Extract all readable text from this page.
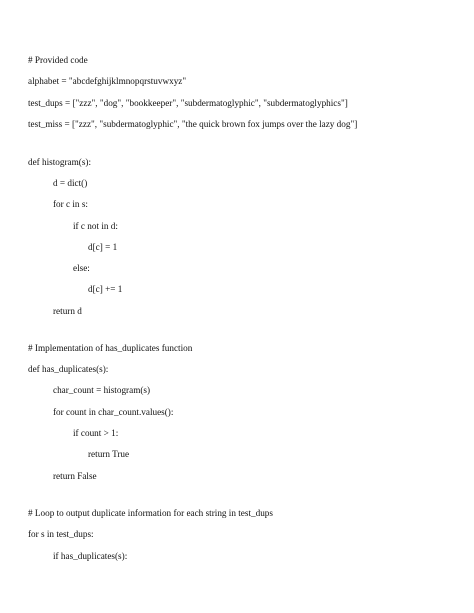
# Provided code
alphabet = "abcdefghijklmnopqrstuvwxyz"
test_dups = ["zzz", "dog", "bookkeeper", "subdermatoglyphic", "subdermatoglyphics"]
test_miss = ["zzz", "subdermatoglyphic", "the quick brown fox jumps over the lazy dog"]
def histogram(s):
d = dict()
for c in s:
if c not in d:
d[c] = 1
else:
d[c] += 1
return d
# Implementation of has_duplicates function
def has_duplicates(s):
char_count = histogram(s)
for count in char_count.values():
if count > 1:
return True
return False
# Loop to output duplicate information for each string in test_dups
for s in test_dups:
if has_duplicates(s):
